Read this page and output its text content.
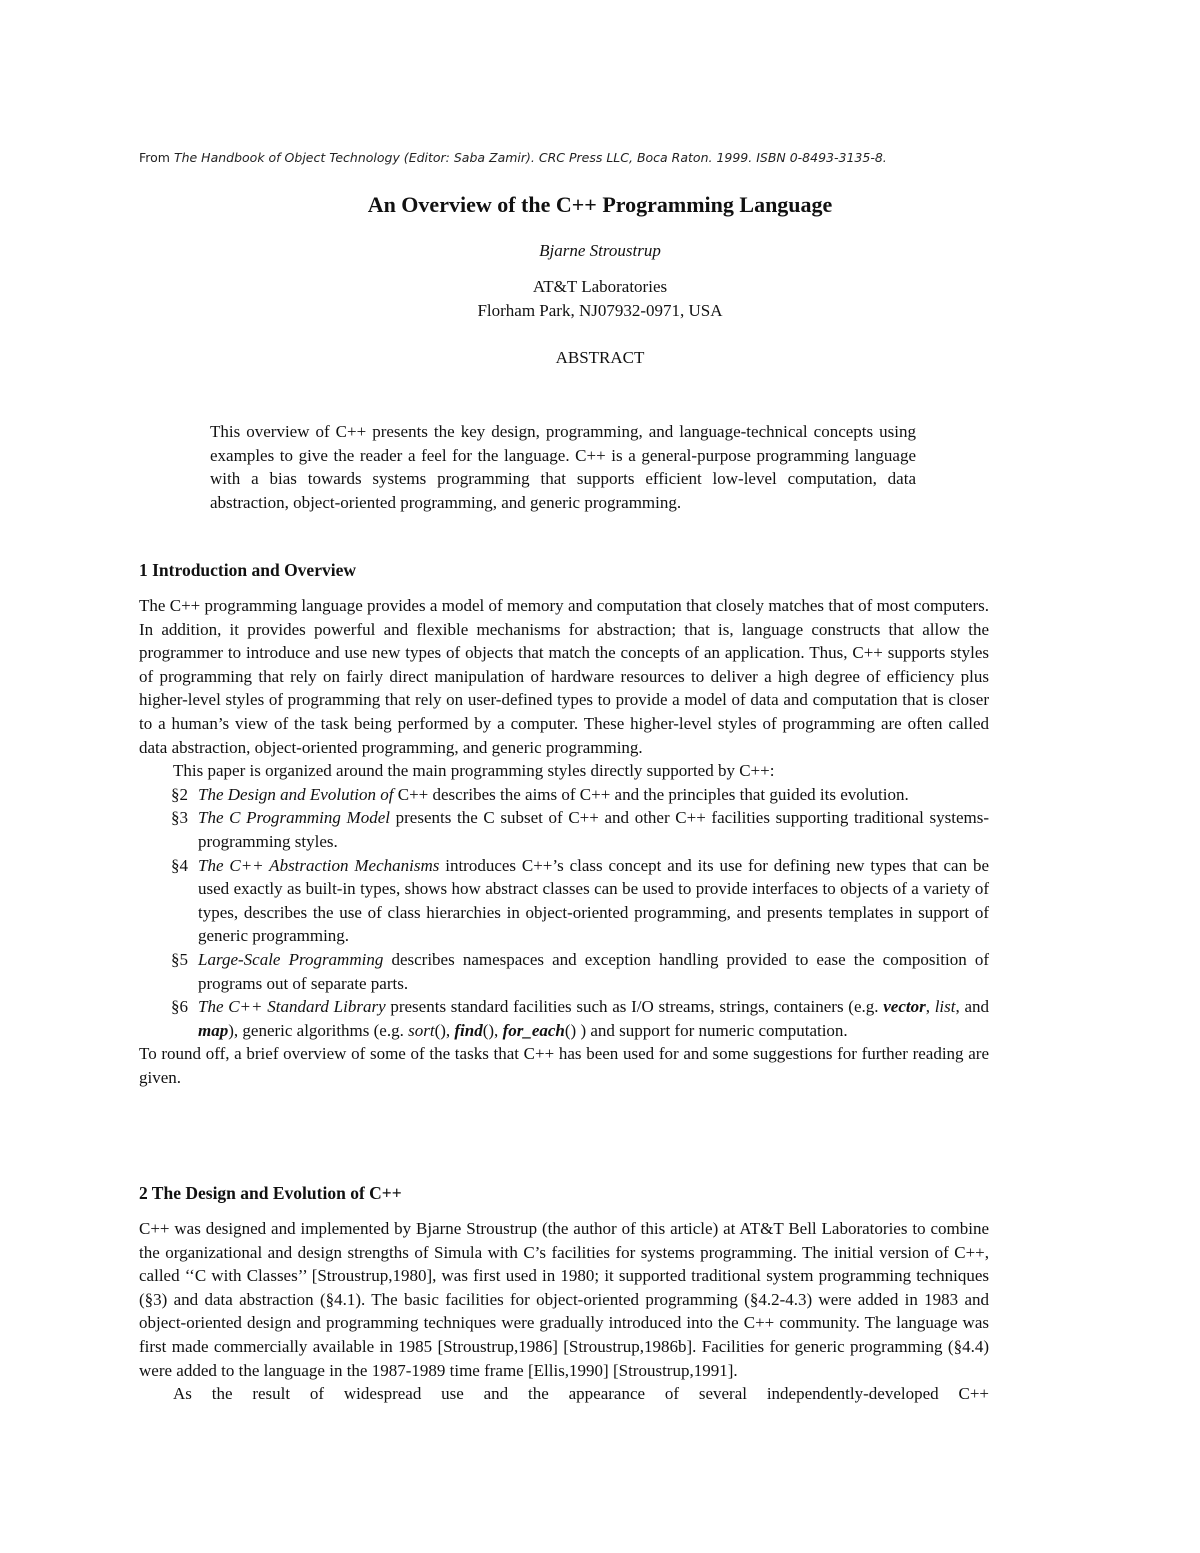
From The Handbook of Object Technology (Editor: Saba Zamir). CRC Press LLC, Boca Raton. 1999. ISBN 0-8493-3135-8.
An Overview of the C++ Programming Language
Bjarne Stroustrup
AT&T Laboratories
Florham Park, NJ07932-0971, USA
ABSTRACT

This overview of C++ presents the key design, programming, and language-technical concepts using examples to give the reader a feel for the language. C++ is a general-purpose programming language with a bias towards systems programming that supports efficient low-level computation, data abstraction, object-oriented programming, and generic programming.

1 Introduction and Overview

The C++ programming language provides a model of memory and computation that closely matches that of most computers. In addition, it provides powerful and flexible mechanisms for abstraction; that is, language constructs that allow the programmer to introduce and use new types of objects that match the concepts of an application. Thus, C++ supports styles of programming that rely on fairly direct manipulation of hardware resources to deliver a high degree of efficiency plus higher-level styles of programming that rely on user-defined types to provide a model of data and computation that is closer to a human’s view of the task being performed by a computer. These higher-level styles of programming are often called data abstraction, object-oriented programming, and generic programming.

This paper is organized around the main programming styles directly supported by C++:

§2 The Design and Evolution of C++ describes the aims of C++ and the principles that guided its evolution.
§3 The C Programming Model presents the C subset of C++ and other C++ facilities supporting traditional systems-programming styles.
§4 The C++ Abstraction Mechanisms introduces C++’s class concept and its use for defining new types that can be used exactly as built-in types, shows how abstract classes can be used to provide interfaces to objects of a variety of types, describes the use of class hierarchies in object-oriented programming, and presents templates in support of generic programming.
§5 Large-Scale Programming describes namespaces and exception handling provided to ease the composition of programs out of separate parts.
§6 The C++ Standard Library presents standard facilities such as I/O streams, strings, containers (e.g. vector, list, and map), generic algorithms (e.g. sort(), find(), for_each() ) and support for numeric computation.

To round off, a brief overview of some of the tasks that C++ has been used for and some suggestions for further reading are given.

2 The Design and Evolution of C++

C++ was designed and implemented by Bjarne Stroustrup (the author of this article) at AT&T Bell Laboratories to combine the organizational and design strengths of Simula with C’s facilities for systems programming. The initial version of C++, called ‘‘C with Classes’’ [Stroustrup,1980], was first used in 1980; it supported traditional system programming techniques (§3) and data abstraction (§4.1). The basic facilities for object-oriented programming (§4.2-4.3) were added in 1983 and object-oriented design and programming techniques were gradually introduced into the C++ community. The language was first made commercially available in 1985 [Stroustrup,1986] [Stroustrup,1986b]. Facilities for generic programming (§4.4) were added to the language in the 1987-1989 time frame [Ellis,1990] [Stroustrup,1991].

As the result of widespread use and the appearance of several independently-developed C++
